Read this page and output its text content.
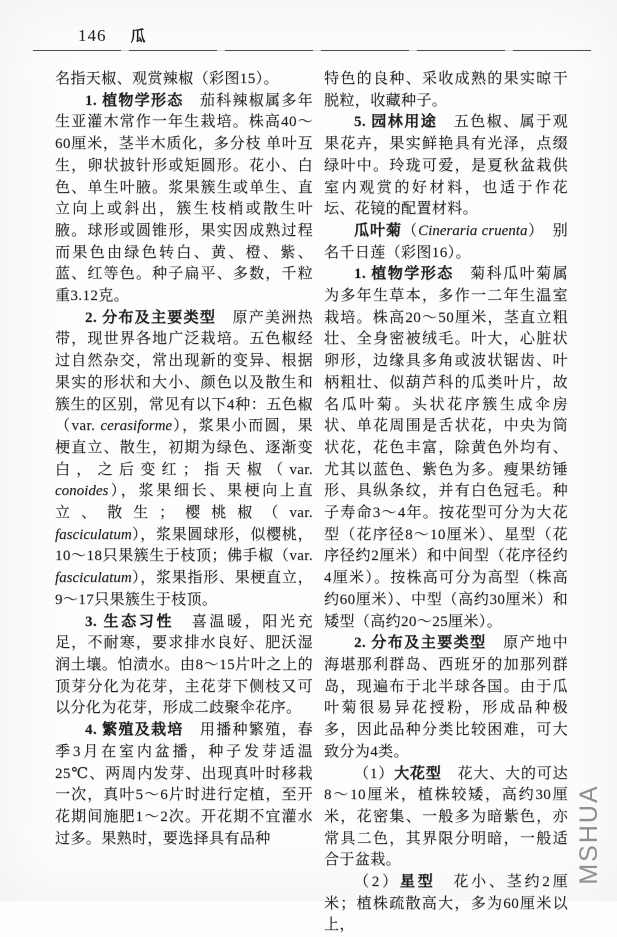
146 瓜

名指天椒、观赏辣椒（彩图15）。

1. 植物学形态　茄科辣椒属多年生亚灌木常作一年生栽培。株高40～60厘米，茎半木质化，多分枝 单叶互生，卵状披针形或矩圆形。花小、白色、单生叶腋。浆果簇生或单生、直立向上或斜出，簇生枝梢或散生叶腋。球形或圆锥形，果实因成熟过程而果色由绿色转白、黄、橙、紫、蓝、红等色。种子扁平、多数，千粒重3.12克。

2. 分布及主要类型　原产美洲热带，现世界各地广泛栽培。五色椒经过自然杂交，常出现新的变异、根据果实的形状和大小、颜色以及散生和簇生的区别，常见有以下4种：五色椒（var. cerasiforme），浆果小而圆，果梗直立、散生，初期为绿色、逐渐变白，之后变红；指天椒（var. conoides），浆果细长、果梗向上直立、散生；樱桃椒（var. fasciculatum），浆果圆球形，似樱桃，10～18只果簇生于枝顶；佛手椒（var. fasciculatum），浆果指形、果梗直立，9～17只果簇生于枝顶。

3. 生态习性　喜温暖，阳光充足，不耐寒，要求排水良好、肥沃湿润土壤。怕渍水。由8～15片叶之上的顶芽分化为花芽，主花芽下侧枝又可以分化为花芽，形成二歧聚伞花序。

4. 繁殖及栽培　用播种繁殖，春季3月在室内盆播，种子发芽适温25℃、两周内发芽、出现真叶时移栽一次，真叶5～6片时进行定植，至开花期间施肥1～2次。开花期不宜灌水过多。果熟时，要选择具有品种

特色的良种、采收成熟的果实晾干脱粒，收藏种子。

5. 园林用途　五色椒、属于观果花卉，果实鲜艳具有光泽，点缀绿叶中。玲珑可爱，是夏秋盆栽供室内观赏的好材料，也适于作花坛、花镜的配置材料。

瓜叶菊（Cineraria cruenta）　别名千日莲（彩图16）。

1. 植物学形态　菊科瓜叶菊属为多年生草本，多作一二年生温室栽培。株高20～50厘米，茎直立粗壮、全身密被绒毛。叶大，心脏状卵形，边缘具多角或波状锯齿、叶柄粗壮、似葫芦科的瓜类叶片，故名瓜叶菊。头状花序簇生成伞房状、单花周围是舌状花，中央为筒状花，花色丰富，除黄色外均有、尤其以蓝色、紫色为多。瘦果纺锤形、具纵条纹，并有白色冠毛。种子寿命3～4年。按花型可分为大花型（花序径8～10厘米）、星型（花序径约2厘米）和中间型（花序径约4厘米）。按株高可分为高型（株高约60厘米）、中型（高约30厘米）和矮型（高约20～25厘米）。

2. 分布及主要类型　原产地中海堪那利群岛、西班牙的加那列群岛，现遍布于北半球各国。由于瓜叶菊很易异花授粉，形成品种极多，因此品种分类比较困难，可大致分为4类。

（1）大花型　花大、大的可达8～10厘米，植株较矮，高约30厘米，花密集、一般多为暗紫色，亦常具二色，其界限分明暗，一般适合于盆栽。

（2）星型　花小、茎约2厘米；植株疏散高大，多为60厘米以上，

MSHUA
